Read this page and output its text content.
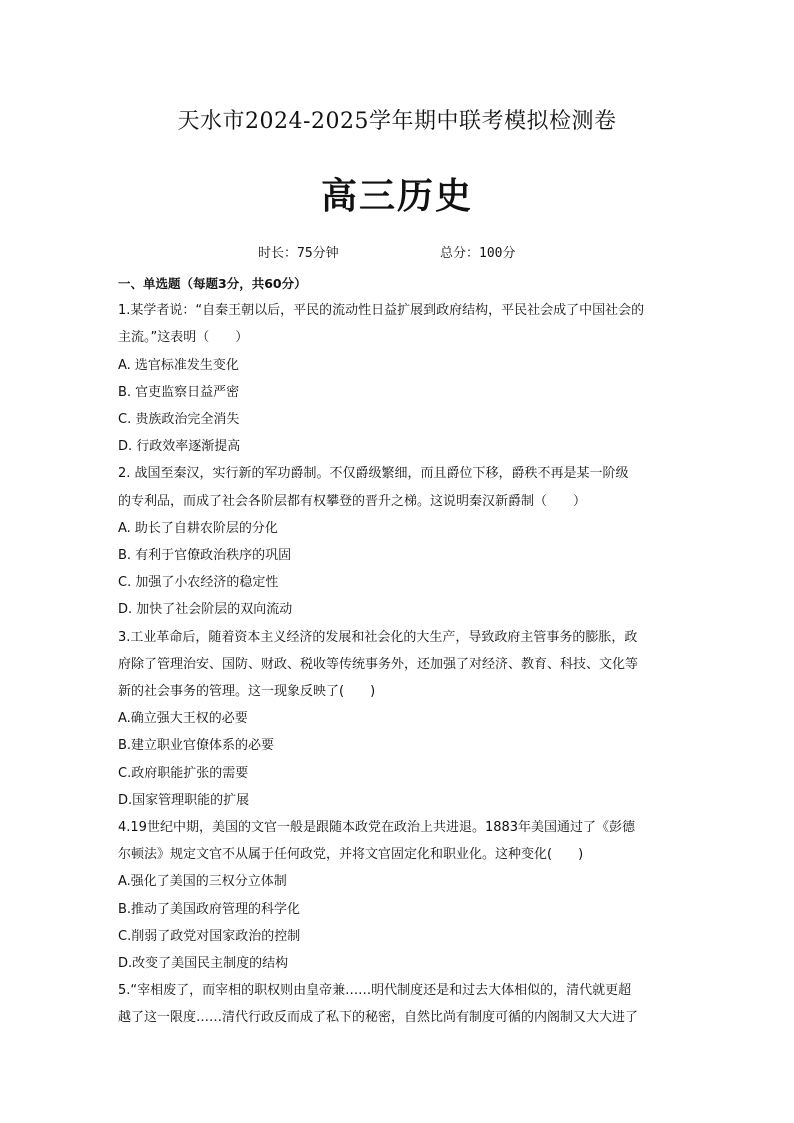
天水市2024-2025学年期中联考模拟检测卷
高三历史
时长：75分钟	总分：100分
一、单选题（每题3分，共60分）
1.某学者说：“自秦王朝以后，平民的流动性日益扩展到政府结构，平民社会成了中国社会的
主流。”这表明（　　）
A. 选官标准发生变化
B. 官吏监察日益严密
C. 贵族政治完全消失
D. 行政效率逐渐提高
2. 战国至秦汉，实行新的军功爵制。不仅爵级繁细，而且爵位下移，爵秩不再是某一阶级
的专利品，而成了社会各阶层都有权攀登的晋升之梯。这说明秦汉新爵制（　　）
A. 助长了自耕农阶层的分化
B. 有利于官僚政治秩序的巩固
C. 加强了小农经济的稳定性
D. 加快了社会阶层的双向流动
3.工业革命后，随着资本主义经济的发展和社会化的大生产，导致政府主管事务的膨胀，政
府除了管理治安、国防、财政、税收等传统事务外，还加强了对经济、教育、科技、文化等
新的社会事务的管理。这一现象反映了(　　)
A.确立强大王权的必要
B.建立职业官僚体系的必要
C.政府职能扩张的需要
D.国家管理职能的扩展
4.19世纪中期，美国的文官一般是跟随本政党在政治上共进退。1883年美国通过了《彭德
尔顿法》规定文官不从属于任何政党，并将文官固定化和职业化。这种变化(　　)
A.强化了美国的三权分立体制
B.推动了美国政府管理的科学化
C.削弱了政党对国家政治的控制
D.改变了美国民主制度的结构
5.“宰相废了，而宰相的职权则由皇帝兼……明代制度还是和过去大体相似的，清代就更超
越了这一限度……清代行政反而成了私下的秘密，自然比尚有制度可循的内阁制又大大进了
